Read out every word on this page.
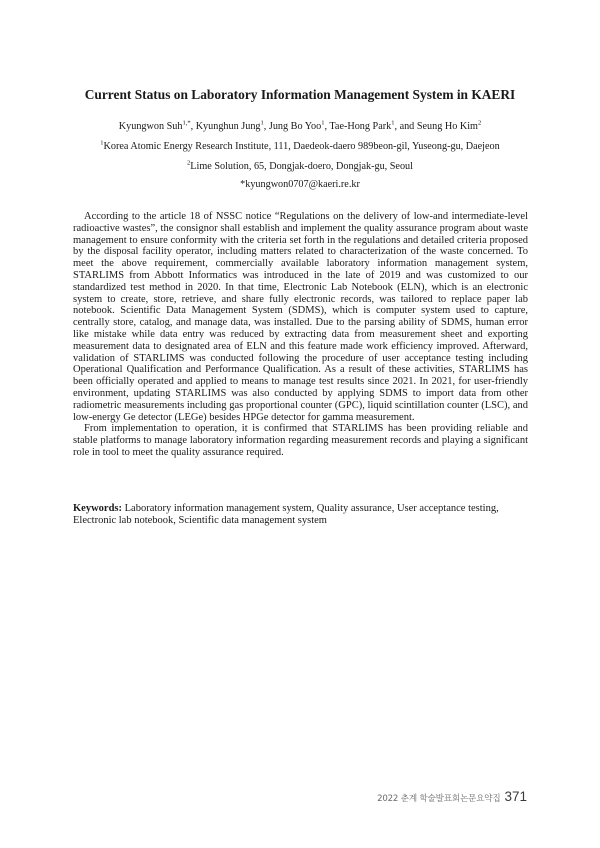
Current Status on Laboratory Information Management System in KAERI
Kyungwon Suh$^{1,*}$, Kyunghun Jung$^1$, Jung Bo Yoo$^1$, Tae-Hong Park$^1$, and Seung Ho Kim$^2$
$^1$Korea Atomic Energy Research Institute, 111, Daedeok-daero 989beon-gil, Yuseong-gu, Daejeon
$^2$Lime Solution, 65, Dongjak-doero, Dongjak-gu, Seoul
*kyungwon0707@kaeri.re.kr

According to the article 18 of NSSC notice “Regulations on the delivery of low-and intermediate-level radioactive wastes”, the consignor shall establish and implement the quality assurance program about waste management to ensure conformity with the criteria set forth in the regulations and detailed criteria proposed by the disposal facility operator, including matters related to characterization of the waste concerned. To meet the above requirement, commercially available laboratory information management system, STARLIMS from Abbott Informatics was introduced in the late of 2019 and was customized to our standardized test method in 2020. In that time, Electronic Lab Notebook (ELN), which is an electronic system to create, store, retrieve, and share fully electronic records, was tailored to replace paper lab notebook. Scientific Data Management System (SDMS), which is computer system used to capture, centrally store, catalog, and manage data, was installed. Due to the parsing ability of SDMS, human error like mistake while data entry was reduced by extracting data from measurement sheet and exporting measurement data to designated area of ELN and this feature made work efficiency improved. Afterward, validation of STARLIMS was conducted following the procedure of user acceptance testing including Operational Qualification and Performance Qualification. As a result of these activities, STARLIMS has been officially operated and applied to means to manage test results since 2021. In 2021, for user-friendly environment, updating STARLIMS was also conducted by applying SDMS to import data from other radiometric measurements including gas proportional counter (GPC), liquid scintillation counter (LSC), and low-energy Ge detector (LEGe) besides HPGe detector for gamma measurement.

From implementation to operation, it is confirmed that STARLIMS has been providing reliable and stable platforms to manage laboratory information regarding measurement records and playing a significant role in tool to meet the quality assurance required.

Keywords: Laboratory information management system, Quality assurance, User acceptance testing, Electronic lab notebook, Scientific data management system
2022 춘계 학술발표회논문요약집 371
